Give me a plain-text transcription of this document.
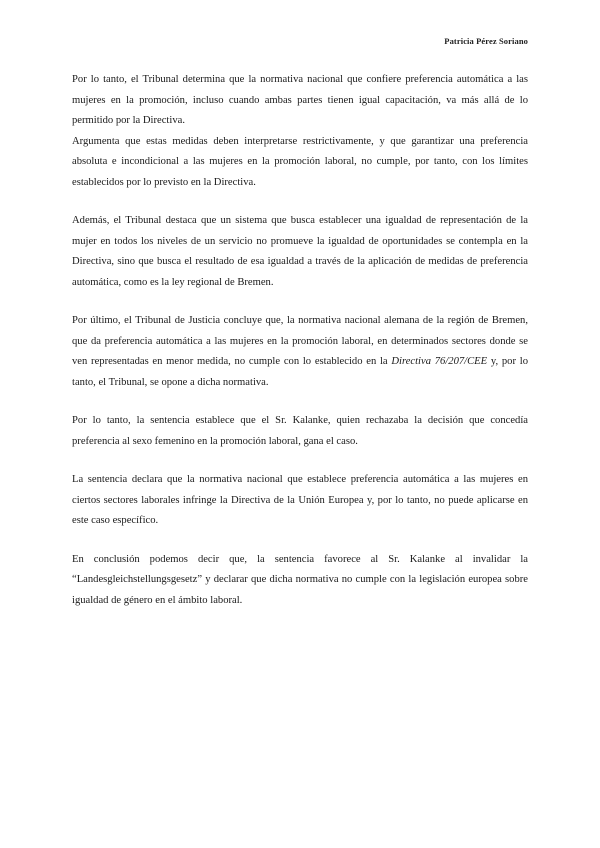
Patricia Pérez Soriano

Por lo tanto, el Tribunal determina que la normativa nacional que confiere preferencia automática a las mujeres en la promoción, incluso cuando ambas partes tienen igual capacitación, va más allá de lo permitido por la Directiva.

Argumenta que estas medidas deben interpretarse restrictivamente, y que garantizar una preferencia absoluta e incondicional a las mujeres en la promoción laboral, no cumple, por tanto, con los límites establecidos por lo previsto en la Directiva.

Además, el Tribunal destaca que un sistema que busca establecer una igualdad de representación de la mujer en todos los niveles de un servicio no promueve la igualdad de oportunidades se contempla en la Directiva, sino que busca el resultado de esa igualdad a través de la aplicación de medidas de preferencia automática, como es la ley regional de Bremen.

Por último, el Tribunal de Justicia concluye que, la normativa nacional alemana de la región de Bremen, que da preferencia automática a las mujeres en la promoción laboral, en determinados sectores donde se ven representadas en menor medida, no cumple con lo establecido en la Directiva 76/207/CEE y, por lo tanto, el Tribunal, se opone a dicha normativa.

Por lo tanto, la sentencia establece que el Sr. Kalanke, quien rechazaba la decisión que concedía preferencia al sexo femenino en la promoción laboral, gana el caso.

La sentencia declara que la normativa nacional que establece preferencia automática a las mujeres en ciertos sectores laborales infringe la Directiva de la Unión Europea y, por lo tanto, no puede aplicarse en este caso específico.

En conclusión podemos decir que, la sentencia favorece al Sr. Kalanke al invalidar la “Landesgleichstellungsgesetz” y declarar que dicha normativa no cumple con la legislación europea sobre igualdad de género en el ámbito laboral.
